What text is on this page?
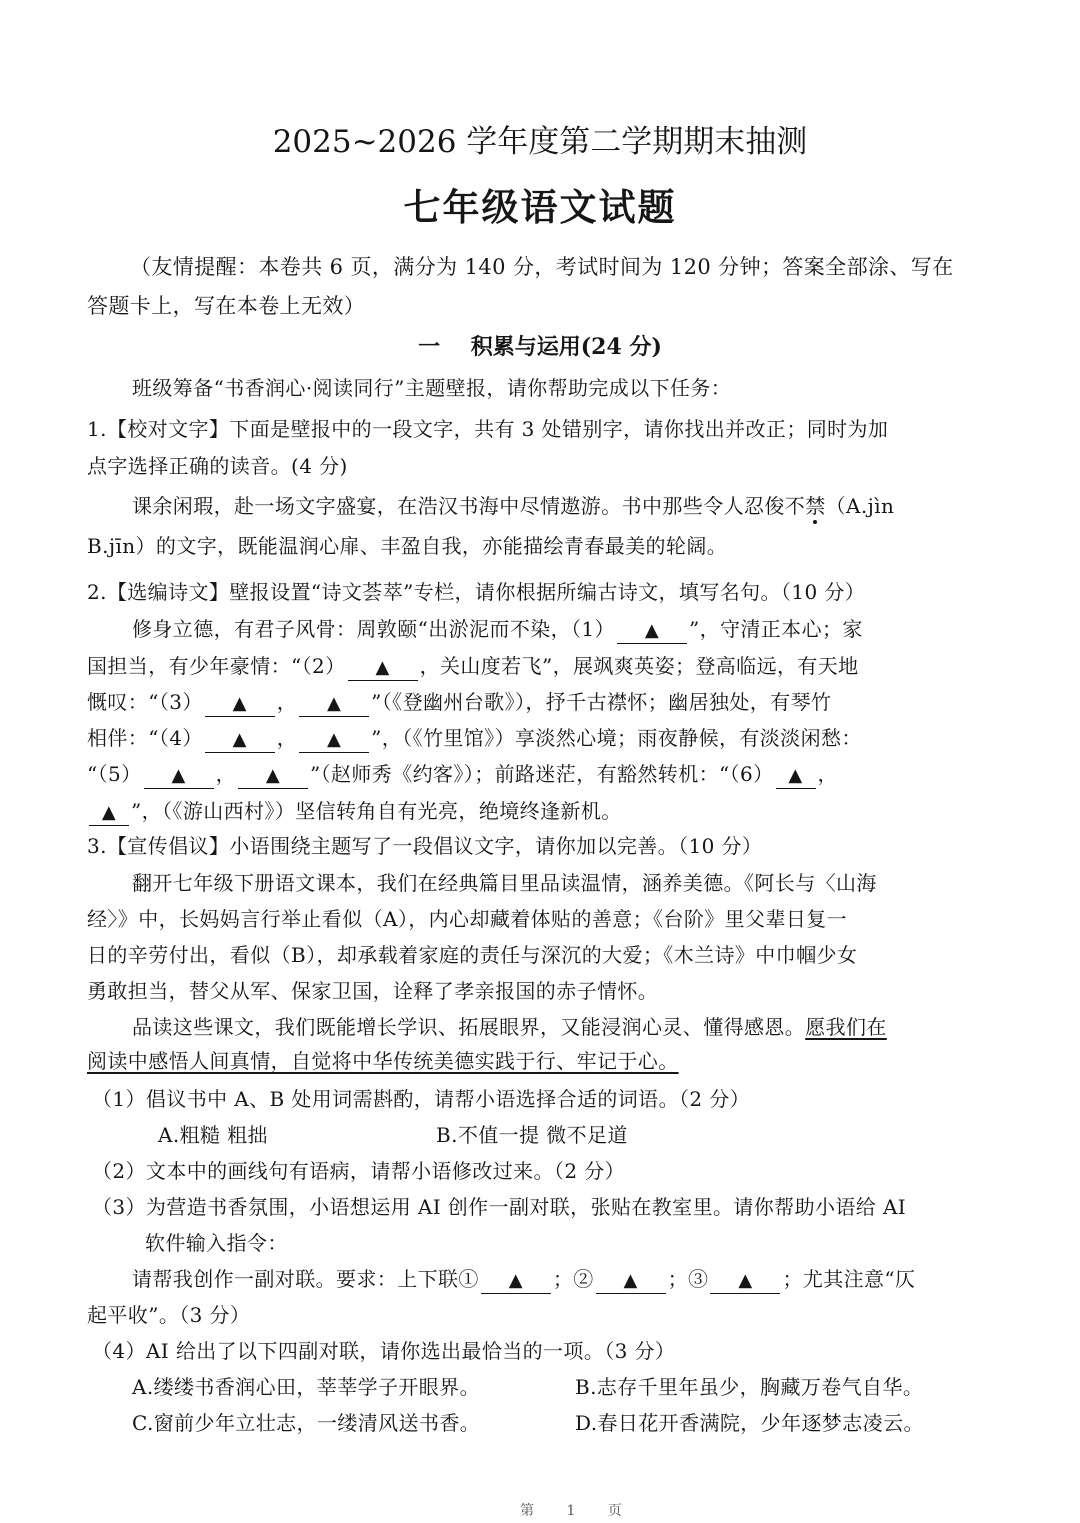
2025~2026 学年度第二学期期末抽测
七年级语文试题
（友情提醒：本卷共 6 页，满分为 140 分，考试时间为 120 分钟；答案全部涂、写在
答题卡上，写在本卷上无效）
一    积累与运用(24 分)
班级筹备“书香润心·阅读同行”主题壁报，请你帮助完成以下任务：
1.【校对文字】下面是壁报中的一段文字，共有 3 处错别字，请你找出并改正；同时为加
点字选择正确的读音。(4 分)
课余闲瑕，赴一场文字盛宴，在浩汉书海中尽情遨游。书中那些令人忍俊不禁（A.jìn
B.jīn）的文字，既能温润心扉、丰盈自我，亦能描绘青春最美的轮阔。
2.【选编诗文】壁报设置“诗文荟萃”专栏，请你根据所编古诗文，填写名句。（10 分）
修身立德，有君子风骨：周敦颐“出淤泥而不染，（1） ▲ ”，守清正本心；家
国担当，有少年豪情：“（2） ▲ ，关山度若飞”，展飒爽英姿；登高临远，有天地
慨叹：“（3） ▲ ， ▲ ”（《登幽州台歌》），抒千古襟怀；幽居独处，有琴竹
相伴：“（4） ▲ ， ▲ ”，（《竹里馆》）享淡然心境；雨夜静候，有淡淡闲愁：
“（5） ▲ ， ▲ ”（赵师秀《约客》）；前路迷茫，有豁然转机：“（6） ▲ ，
▲ ”，（《游山西村》）坚信转角自有光亮，绝境终逢新机。
3.【宣传倡议】小语围绕主题写了一段倡议文字，请你加以完善。（10 分）
翻开七年级下册语文课本，我们在经典篇目里品读温情，涵养美德。《阿长与〈山海
经〉》中，长妈妈言行举止看似（A），内心却藏着体贴的善意；《台阶》里父辈日复一
日的辛劳付出，看似（B），却承载着家庭的责任与深沉的大爱；《木兰诗》中巾帼少女
勇敢担当，替父从军、保家卫国，诠释了孝亲报国的赤子情怀。
品读这些课文，我们既能增长学识、拓展眼界，又能浸润心灵、懂得感恩。愿我们在
阅读中感悟人间真情，自觉将中华传统美德实践于行、牢记于心。
（1）倡议书中 A、B 处用词需斟酌，请帮小语选择合适的词语。（2 分）
A.粗糙 粗拙	B.不值一提 微不足道
（2）文本中的画线句有语病，请帮小语修改过来。（2 分）
（3）为营造书香氛围，小语想运用 AI 创作一副对联，张贴在教室里。请你帮助小语给 AI
软件输入指令：
请帮我创作一副对联。要求：上下联① ▲ ；② ▲ ；③ ▲ ；尤其注意“仄
起平收”。（3 分）
（4）AI 给出了以下四副对联，请你选出最恰当的一项。（3 分）
A.缕缕书香润心田，莘莘学子开眼界。	B.志存千里年虽少，胸藏万卷气自华。
C.窗前少年立壮志，一缕清风送书香。	D.春日花开香满院，少年逐梦志凌云。
第 1 页
